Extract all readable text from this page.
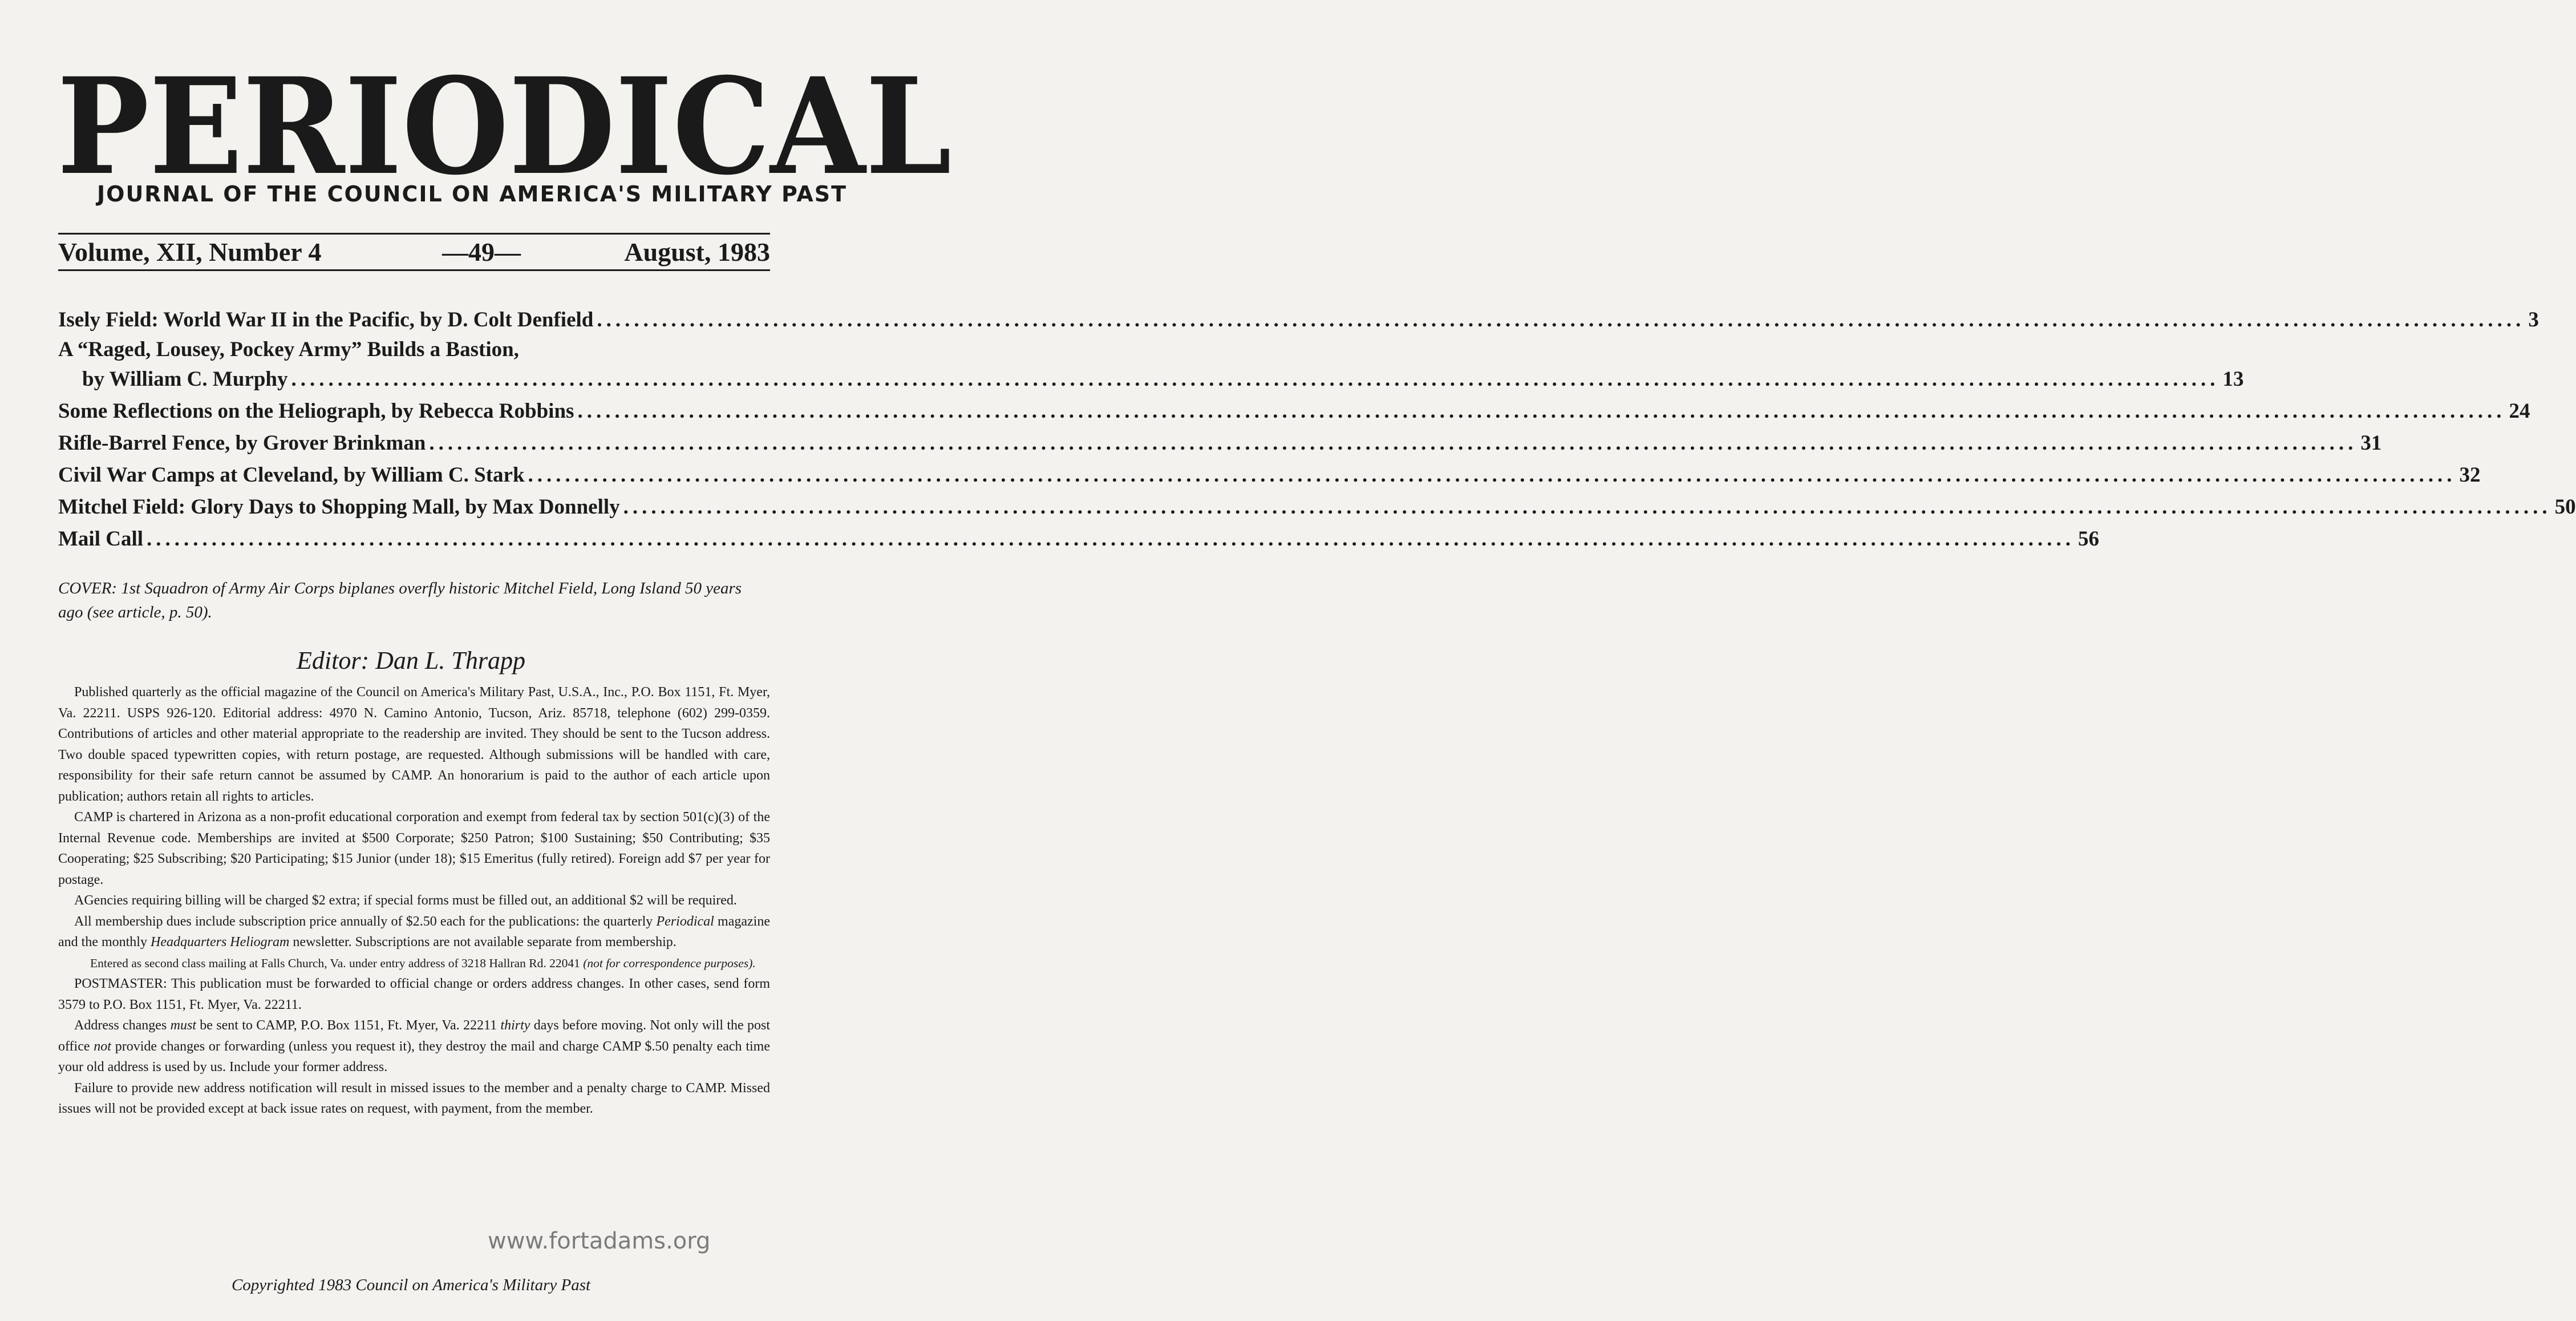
P E R I O D I C A L
JOURNAL OF THE COUNCIL ON AMERICA'S MILITARY PAST
Volume, XII, Number 4	—49—	August, 1983
Isely Field: World War II in the Pacific, by D. Colt Denfield .....	3
A “Raged, Lousey, Pockey Army” Builds a Bastion,
by William C. Murphy .....	13
Some Reflections on the Heliograph, by Rebecca Robbins .....	24
Rifle-Barrel Fence, by Grover Brinkman .....	31
Civil War Camps at Cleveland, by William C. Stark .....	32
Mitchel Field: Glory Days to Shopping Mall, by Max Donnelly .....	50
Mail Call .....	56
COVER: 1st Squadron of Army Air Corps biplanes overfly historic Mitchel Field, Long Island 50 years ago (see article, p. 50).
Editor: Dan L. Thrapp

Published quarterly as the official magazine of the Council on America's Military Past, U.S.A., Inc., P.O. Box 1151, Ft. Myer, Va. 22211. USPS 926-120. Editorial address: 4970 N. Camino Antonio, Tucson, Ariz. 85718, telephone (602) 299-0359. Contributions of articles and other material appropriate to the readership are invited. They should be sent to the Tucson address. Two double spaced typewritten copies, with return postage, are requested. Although submissions will be handled with care, responsibility for their safe return cannot be assumed by CAMP. An honorarium is paid to the author of each article upon publication; authors retain all rights to articles.

CAMP is chartered in Arizona as a non-profit educational corporation and exempt from federal tax by section 501(c)(3) of the Internal Revenue code. Memberships are invited at $500 Corporate; $250 Patron; $100 Sustaining; $50 Contributing; $35 Cooperating; $25 Subscribing; $20 Participating; $15 Junior (under 18); $15 Emeritus (fully retired). Foreign add $7 per year for postage.

AGencies requiring billing will be charged $2 extra; if special forms must be filled out, an additional $2 will be required.

All membership dues include subscription price annually of $2.50 each for the publications: the quarterly Periodical magazine and the monthly Headquarters Heliogram newsletter. Subscriptions are not available separate from membership.

Entered as second class mailing at Falls Church, Va. under entry address of 3218 Hallran Rd. 22041 (not for correspondence purposes).

POSTMASTER: This publication must be forwarded to official change or orders address changes. In other cases, send form 3579 to P.O. Box 1151, Ft. Myer, Va. 22211.

Address changes must be sent to CAMP, P.O. Box 1151, Ft. Myer, Va. 22211 thirty days before moving. Not only will the post office not provide changes or forwarding (unless you request it), they destroy the mail and charge CAMP $.50 penalty each time your old address is used by us. Include your former address.

Failure to provide new address notification will result in missed issues to the member and a penalty charge to CAMP. Missed issues will not be provided except at back issue rates on request, with payment, from the member.

www.fortadams.org
Copyrighted 1983 Council on America's Military Past
